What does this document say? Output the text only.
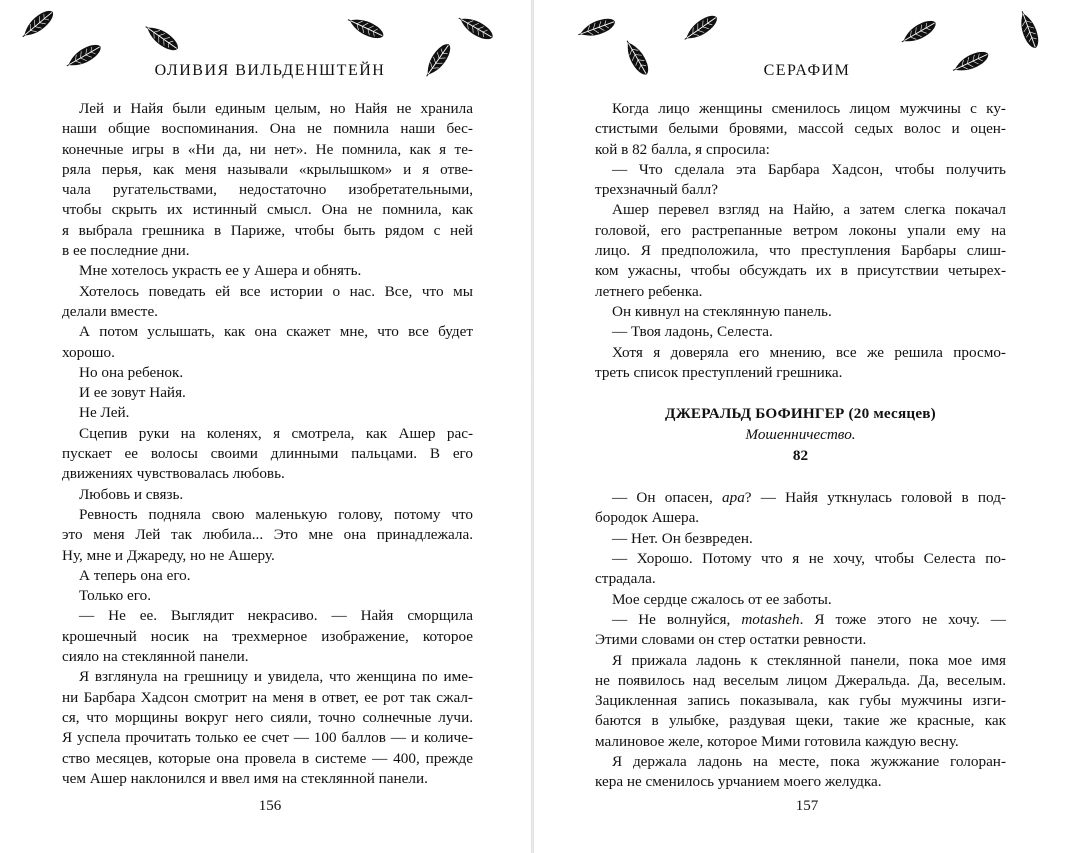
ОЛИВИЯ ВИЛЬДЕНШТЕЙН
Лей и Найя были единым целым, но Найя не хранила
наши общие воспоминания. Она не помнила наши бес-
конечные игры в «Ни да, ни нет». Не помнила, как я те-
ряла перья, как меня называли «крылышком» и я отве-
чала ругательствами, недостаточно изобретательными,
чтобы скрыть их истинный смысл. Она не помнила, как
я выбрала грешника в Париже, чтобы быть рядом с ней
в ее последние дни.
Мне хотелось украсть ее у Ашера и обнять.
Хотелось поведать ей все истории о нас. Все, что мы
делали вместе.
А потом услышать, как она скажет мне, что все будет
хорошо.
Но она ребенок.
И ее зовут Найя.
Не Лей.
Сцепив руки на коленях, я смотрела, как Ашер рас-
пускает ее волосы своими длинными пальцами. В его
движениях чувствовалась любовь.
Любовь и связь.
Ревность подняла свою маленькую голову, потому что
это меня Лей так любила... Это мне она принадлежала.
Ну, мне и Джареду, но не Ашеру.
А теперь она его.
Только его.
— Не ее. Выглядит некрасиво. — Найя сморщила
крошечный носик на трехмерное изображение, которое
сияло на стеклянной панели.
Я взглянула на грешницу и увидела, что женщина по име-
ни Барбара Хадсон смотрит на меня в ответ, ее рот так сжал-
ся, что морщины вокруг него сияли, точно солнечные лучи.
Я успела прочитать только ее счет — 100 баллов — и количе-
ство месяцев, которые она провела в системе — 400, прежде
чем Ашер наклонился и ввел имя на стеклянной панели.
156
СЕРАФИМ
Когда лицо женщины сменилось лицом мужчины с ку-
стистыми белыми бровями, массой седых волос и оцен-
кой в 82 балла, я спросила:
— Что сделала эта Барбара Хадсон, чтобы получить
трехзначный балл?
Ашер перевел взгляд на Найю, а затем слегка покачал
головой, его растрепанные ветром локоны упали ему на
лицо. Я предположила, что преступления Барбары слиш-
ком ужасны, чтобы обсуждать их в присутствии четырех-
летнего ребенка.
Он кивнул на стеклянную панель.
— Твоя ладонь, Селеста.
Хотя я доверяла его мнению, все же решила просмо-
треть список преступлений грешника.
ДЖЕРАЛЬД БОФИНГЕР (20 месяцев)
Мошенничество.
82
— Он опасен, ара? — Найя уткнулась головой в под-
бородок Ашера.
— Нет. Он безвреден.
— Хорошо. Потому что я не хочу, чтобы Селеста по-
страдала.
Мое сердце сжалось от ее заботы.
— Не волнуйся, motasheh. Я тоже этого не хочу. —
Этими словами он стер остатки ревности.
Я прижала ладонь к стеклянной панели, пока мое имя
не появилось над веселым лицом Джеральда. Да, веселым.
Зацикленная запись показывала, как губы мужчины изги-
баются в улыбке, раздувая щеки, такие же красные, как
малиновое желе, которое Мими готовила каждую весну.
Я держала ладонь на месте, пока жужжание голоран-
кера не сменилось урчанием моего желудка.
157
